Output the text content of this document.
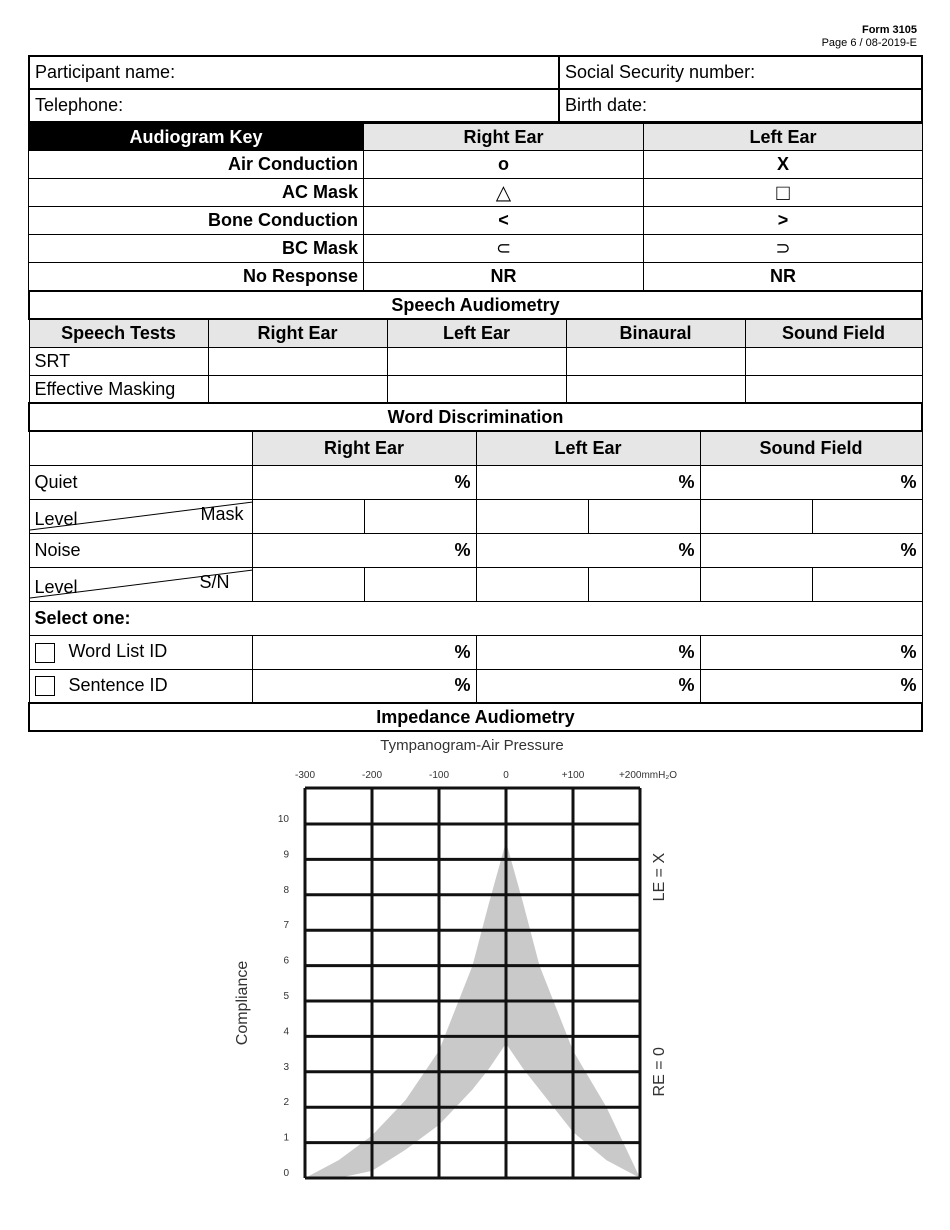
Form 3105
Page 6 / 08-2019-E
Participant name:	Social Security number:
Telephone:	Birth date:
Audiogram Key	Right Ear	Left Ear
Air Conduction	o	X
AC Mask	△	□
Bone Conduction	<	>
BC Mask	⊂	⊃
No Response	NR	NR
Speech Audiometry				
Speech Tests	Right Ear	Left Ear	Binaural	Sound Field
SRT				
Effective Masking				
Word Discrimination						
	Right Ear		Left Ear		Sound Field	
Quiet	%		%		%	

Level Mask						

Noise	%		%		%	

Level S/N						

Select one:						
Word List ID	%		%		%	
Sentence ID	%		%		%	
Impedance Audiometry						
Tympanogram-Air Pressure
-300	-200	-100	0	+100	+200mmH₂O
0
1
2
3
4
5
6
7
8
9
10
Compliance
LE = X
RE = 0
